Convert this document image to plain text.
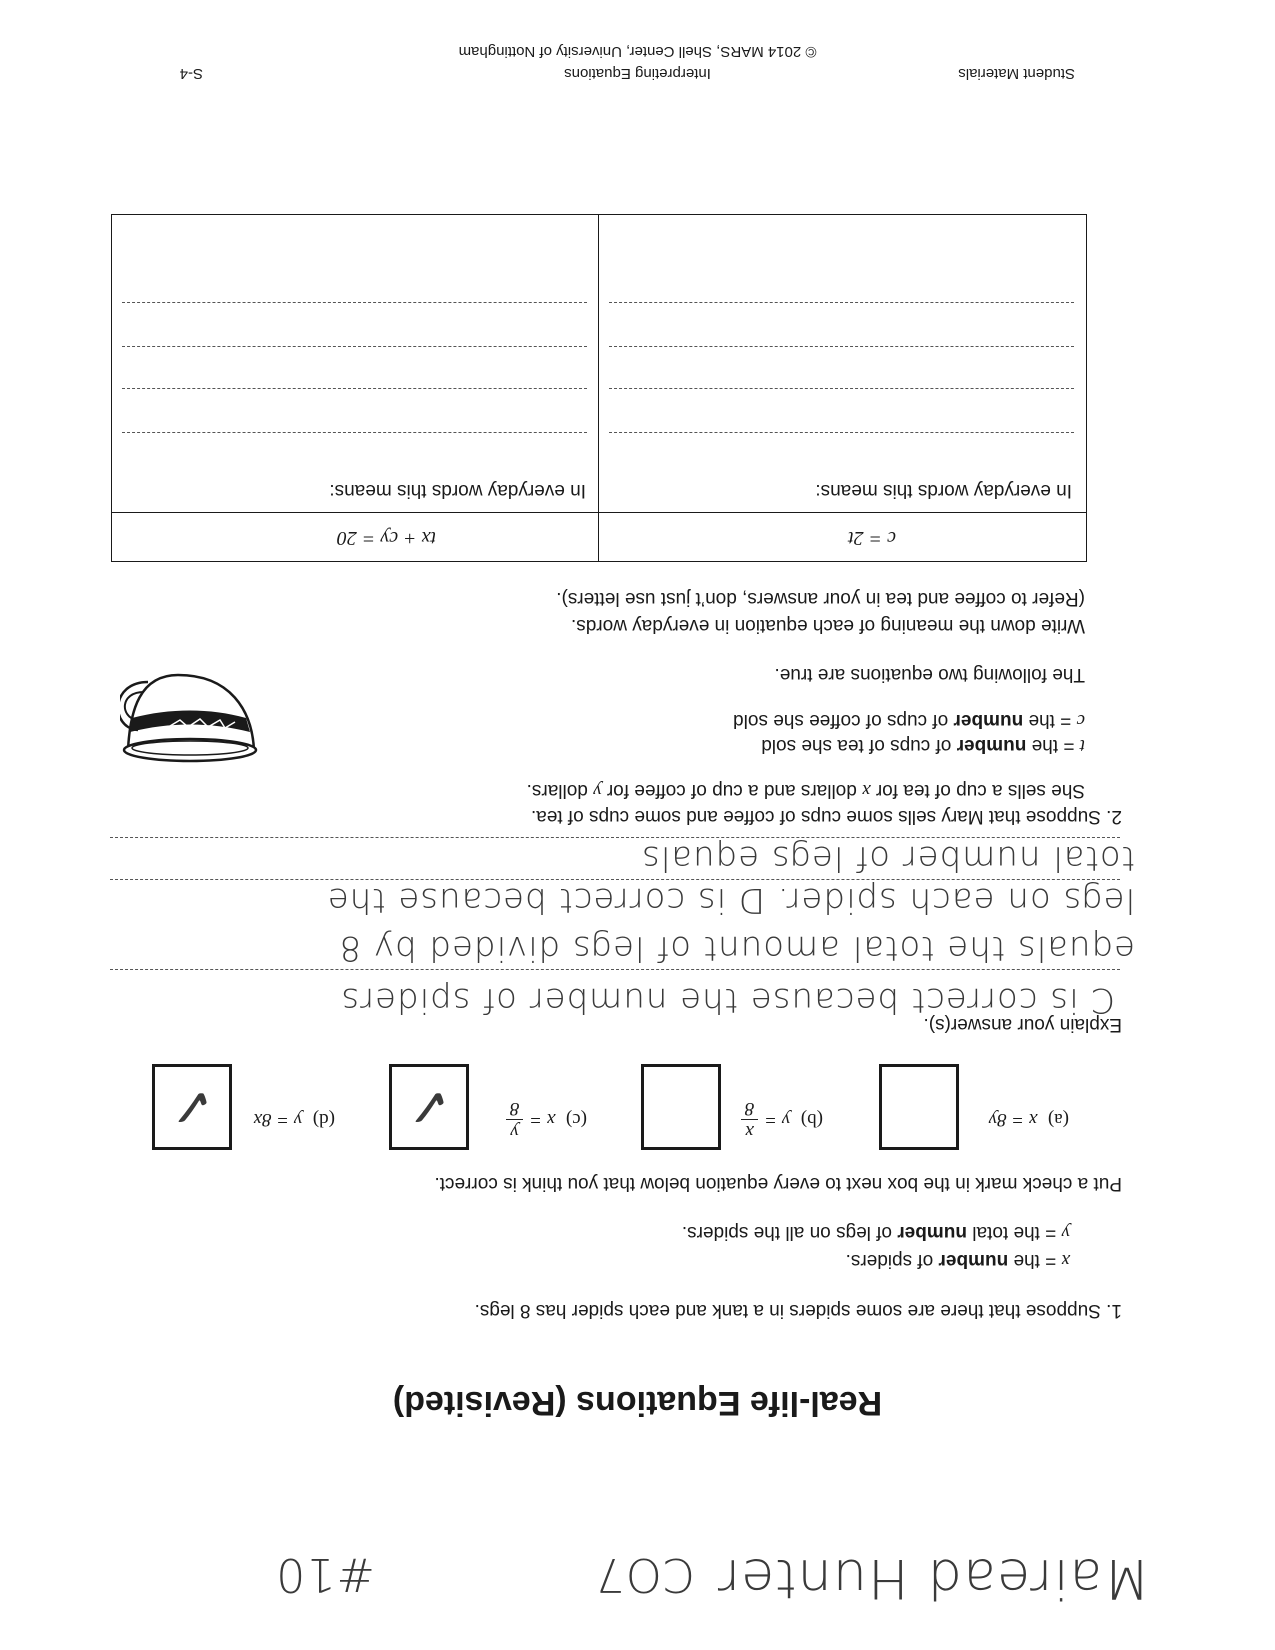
Mairead Hunter
CO7
#10
Real-life Equations (Revisited)
1. Suppose that there are some spiders in a tank and each spider has 8 legs.
x = the number of spiders.
y = the total number of legs on all the spiders.
Put a check mark in the box next to every equation below that you think is correct.
(a)

x = 8y
(b)

y =
x
8
(c)

x =
y
8
✓
(d)

y = 8x
✓
Explain your answer(s).
C is correct because the number of spiders
equals the total amount of legs divided by 8
legs on each spider. D is correct because the
total number of legs equals
2. Suppose that Mary sells some cups of coffee and some cups of tea.
She sells a cup of tea for x dollars and a cup of coffee for y dollars.
t = the number of cups of tea she sold
c = the number of cups of coffee she sold
The following two equations are true.
Write down the meaning of each equation in everyday words.
(Refer to coffee and tea in your answers, don’t just use letters).
c = 2t
tx + cy = 20
In everyday words this means:
In everyday words this means:
Student Materials
Interpreting Equations
S-4
© 2014 MARS, Shell Center, University of Nottingham
